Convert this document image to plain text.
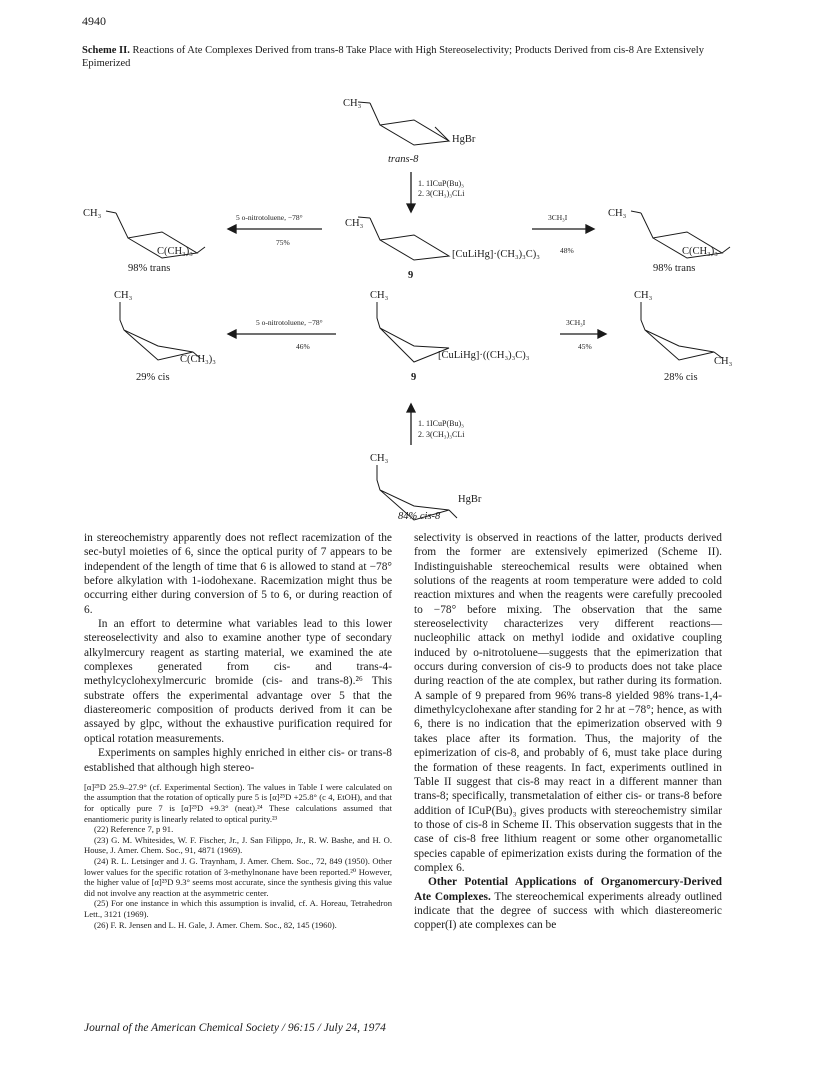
4940
Scheme II. Reactions of Ate Complexes Derived from trans-8 Take Place with High Stereoselectivity; Products Derived from cis-8 Are Extensively Epimerized
CH₃
HgBr
trans-8
1. 1ICuP(Bu)₃
2. 3(CH₃)₃CLi
CH₃
[CuLiHg]·(CH₃)₃C)₃
9
CH₃
C(CH₃)₃
98% trans
5 o-nitrotoluene, −78°
75%
CH₃
C(CH₃)₃
98% trans
3CH₃I
48%
CH₃
[CuLiHg]·((CH₃)₃C)₃
9
CH₃
C(CH₃)₃
29% cis
5 o-nitrotoluene, −78°
46%
CH₃
CH₃
28% cis
3CH₃I
45%
1. 1ICuP(Bu)₃
2. 3(CH₃)₃CLi
CH₃
HgBr
84% cis-8

in stereochemistry apparently does not reflect racemization of the sec-butyl moieties of 6, since the optical purity of 7 appears to be independent of the length of time that 6 is allowed to stand at −78° before alkylation with 1-iodohexane. Racemization might thus be occurring either during conversion of 5 to 6, or during reaction of 6.

In an effort to determine what variables lead to this lower stereoselectivity and also to examine another type of secondary alkylmercury reagent as starting material, we examined the ate complexes generated from cis- and trans-4-methylcyclohexylmercuric bromide (cis- and trans-8).²⁶ This substrate offers the experimental advantage over 5 that the diastereomeric composition of products derived from it can be assayed by glpc, without the exhaustive purification required for optical rotation measurements.

Experiments on samples highly enriched in either cis- or trans-8 established that although high stereo-

[α]²⁵D 25.9–27.9° (cf. Experimental Section). The values in Table I were calculated on the assumption that the rotation of optically pure 5 is [α]²⁵D +25.8° (c 4, EtOH), and that for optically pure 7 is [α]²⁵D +9.3° (neat).²⁴ These calculations assumed that enantiomeric purity is linearly related to optical purity.²³

(22) Reference 7, p 91.

(23) G. M. Whitesides, W. F. Fischer, Jr., J. San Filippo, Jr., R. W. Bashe, and H. O. House, J. Amer. Chem. Soc., 91, 4871 (1969).

(24) R. L. Letsinger and J. G. Traynham, J. Amer. Chem. Soc., 72, 849 (1950). Other lower values for the specific rotation of 3-methylnonane have been reported.²⁰ However, the higher value of [α]²⁵D 9.3° seems most accurate, since the synthesis giving this value did not involve any reaction at the asymmetric center.

(25) For one instance in which this assumption is invalid, cf. A. Horeau, Tetrahedron Lett., 3121 (1969).

(26) F. R. Jensen and L. H. Gale, J. Amer. Chem. Soc., 82, 145 (1960).

selectivity is observed in reactions of the latter, products derived from the former are extensively epimerized (Scheme II). Indistinguishable stereochemical results were obtained when solutions of the reagents at room temperature were added to cold reaction mixtures and when the reagents were carefully precooled to −78° before mixing. The observation that the same stereoselectivity characterizes very different reactions—nucleophilic attack on methyl iodide and oxidative coupling induced by o-nitrotoluene—suggests that the epimerization that occurs during conversion of cis-9 to products does not take place during reaction of the ate complex, but rather during its formation. A sample of 9 prepared from 96% trans-8 yielded 98% trans-1,4-dimethylcyclohexane after standing for 2 hr at −78°; hence, as with 6, there is no indication that the epimerization observed with 9 takes place after its formation. Thus, the majority of the epimerization of cis-8, and probably of 6, must take place during the formation of these reagents. In fact, experiments outlined in Table II suggest that cis-8 may react in a different manner than trans-8; specifically, transmetalation of either cis- or trans-8 before addition of ICuP(Bu)₃ gives products with stereochemistry similar to those of cis-8 in Scheme II. This observation suggests that in the case of cis-8 free lithium reagent or some other organometallic species capable of epimerization exists during the formation of the complex 6.

Other Potential Applications of Organomercury-Derived Ate Complexes. The stereochemical experiments already outlined indicate that the degree of success with which diastereomeric copper(I) ate complexes can be

Journal of the American Chemical Society / 96:15 / July 24, 1974
